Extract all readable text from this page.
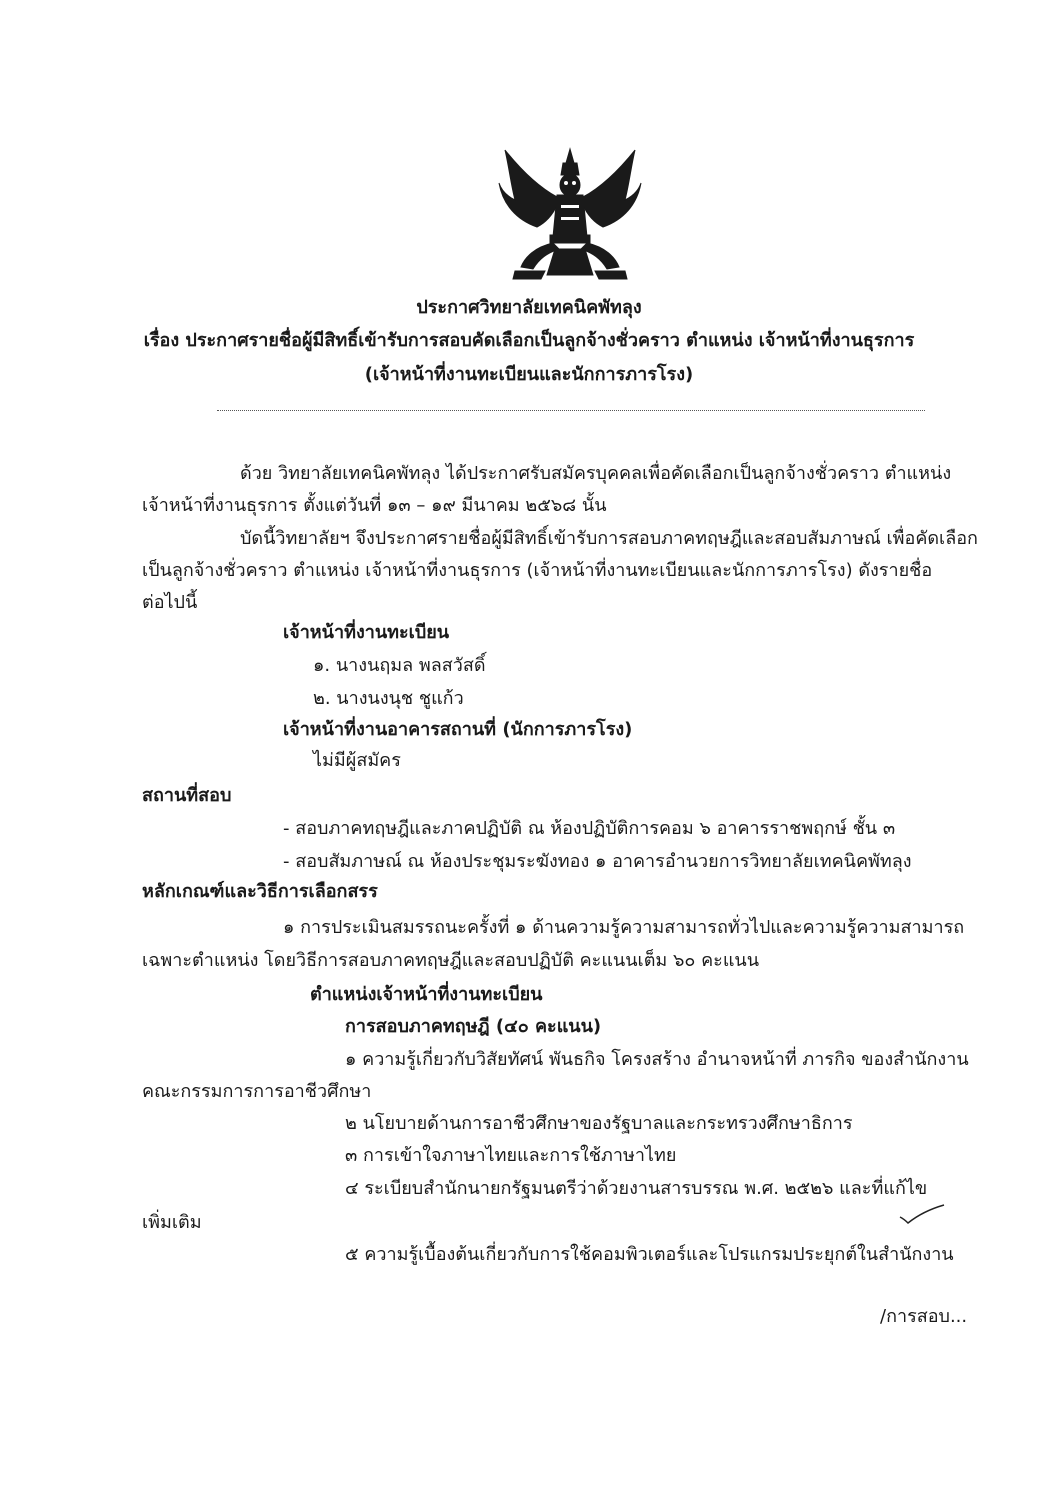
ประกาศวิทยาลัยเทคนิคพัทลุง
เรื่อง ประกาศรายชื่อผู้มีสิทธิ์เข้ารับการสอบคัดเลือกเป็นลูกจ้างชั่วคราว ตำแหน่ง เจ้าหน้าที่งานธุรการ
(เจ้าหน้าที่งานทะเบียนและนักการภารโรง)
ด้วย วิทยาลัยเทคนิคพัทลุง ได้ประกาศรับสมัครบุคคลเพื่อคัดเลือกเป็นลูกจ้างชั่วคราว ตำแหน่ง
เจ้าหน้าที่งานธุรการ ตั้งแต่วันที่ ๑๓ – ๑๙ มีนาคม ๒๕๖๘ นั้น
บัดนี้วิทยาลัยฯ จึงประกาศรายชื่อผู้มีสิทธิ์เข้ารับการสอบภาคทฤษฎีและสอบสัมภาษณ์ เพื่อคัดเลือก
เป็นลูกจ้างชั่วคราว ตำแหน่ง เจ้าหน้าที่งานธุรการ (เจ้าหน้าที่งานทะเบียนและนักการภารโรง) ดังรายชื่อ
ต่อไปนี้
เจ้าหน้าที่งานทะเบียน
๑. นางนฤมล พลสวัสดิ์
๒. นางนงนุช ชูแก้ว
เจ้าหน้าที่งานอาคารสถานที่ (นักการภารโรง)
ไม่มีผู้สมัคร
สถานที่สอบ
- สอบภาคทฤษฎีและภาคปฏิบัติ ณ ห้องปฏิบัติการคอม ๖ อาคารราชพฤกษ์ ชั้น ๓
- สอบสัมภาษณ์ ณ ห้องประชุมระฆังทอง ๑ อาคารอำนวยการวิทยาลัยเทคนิคพัทลุง
หลักเกณฑ์และวิธีการเลือกสรร
๑ การประเมินสมรรถนะครั้งที่ ๑ ด้านความรู้ความสามารถทั่วไปและความรู้ความสามารถ
เฉพาะตำแหน่ง โดยวิธีการสอบภาคทฤษฎีและสอบปฏิบัติ คะแนนเต็ม ๖๐ คะแนน
ตำแหน่งเจ้าหน้าที่งานทะเบียน
การสอบภาคทฤษฎี (๔๐ คะแนน)
๑ ความรู้เกี่ยวกับวิสัยทัศน์ พันธกิจ โครงสร้าง อำนาจหน้าที่ ภารกิจ ของสำนักงาน
คณะกรรมการการอาชีวศึกษา
๒ นโยบายด้านการอาชีวศึกษาของรัฐบาลและกระทรวงศึกษาธิการ
๓ การเข้าใจภาษาไทยและการใช้ภาษาไทย
๔ ระเบียบสำนักนายกรัฐมนตรีว่าด้วยงานสารบรรณ พ.ศ. ๒๕๒๖ และที่แก้ไข
เพิ่มเติม
๕ ความรู้เบื้องต้นเกี่ยวกับการใช้คอมพิวเตอร์และโปรแกรมประยุกต์ในสำนักงาน
/การสอบ...
